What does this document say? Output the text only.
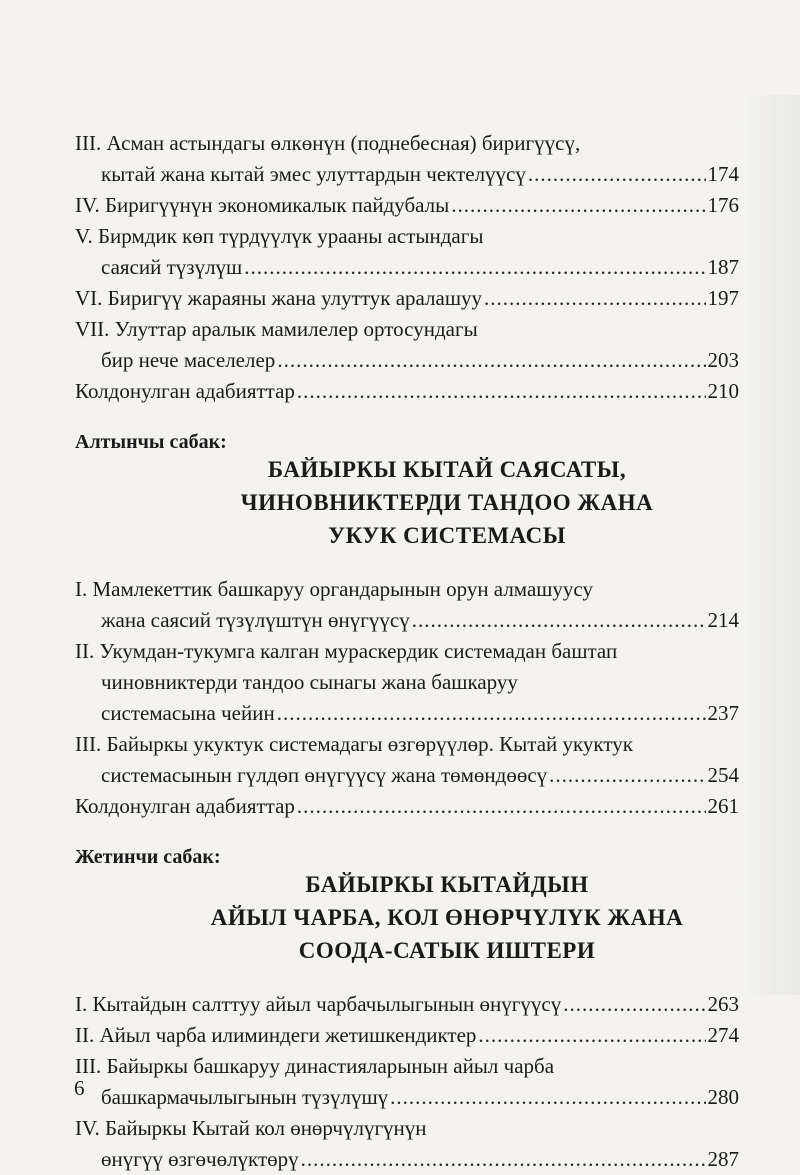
III. Асман астындагы өлкөнүн (поднебесная) биригүүсү,
кытай жана кытай эмес улуттардын чектелүүсү .....	174
IV. Биригүүнүн экономикалык пайдубалы .....	176
V. Бирмдик көп түрдүүлүк урааны астындагы
саясий түзүлүш .....	187
VI. Биригүү жараяны жана улуттук аралашуу .....	197
VII. Улуттар аралык мамилелер ортосундагы
бир нече маселелер .....	203
Колдонулган адабияттар .....	210
Алтынчы сабак:
БАЙЫРКЫ КЫТАЙ САЯСАТЫ,
ЧИНОВНИКТЕРДИ ТАНДОО ЖАНА
УКУК СИСТЕМАСЫ
I. Мамлекеттик башкаруу органдарынын орун алмашуусу
жана саясий түзүлүштүн өнүгүүсү .....	214
II. Укумдан-тукумга калган мураскердик системадан баштап
чиновниктерди тандоо сынагы жана башкаруу
системасына чейин .....	237
III. Байыркы укуктук системадагы өзгөрүүлөр. Кытай укуктук
системасынын гүлдөп өнүгүүсү жана төмөндөөсү .....	254
Колдонулган адабияттар .....	261
Жетинчи сабак:
БАЙЫРКЫ КЫТАЙДЫН
АЙЫЛ ЧАРБА, КОЛ ӨНӨРЧҮЛҮК ЖАНА
СООДА-САТЫК ИШТЕРИ
I. Кытайдын салттуу айыл чарбачылыгынын өнүгүүсү .....	263
II. Айыл чарба илиминдеги жетишкендиктер .....	274
III. Байыркы башкаруу династияларынын айыл чарба
башкармачылыгынын түзүлүшү .....	280
IV. Байыркы Кытай кол өнөрчүлүгүнүн
өнүгүү өзгөчөлүктөрү .....	287
6
